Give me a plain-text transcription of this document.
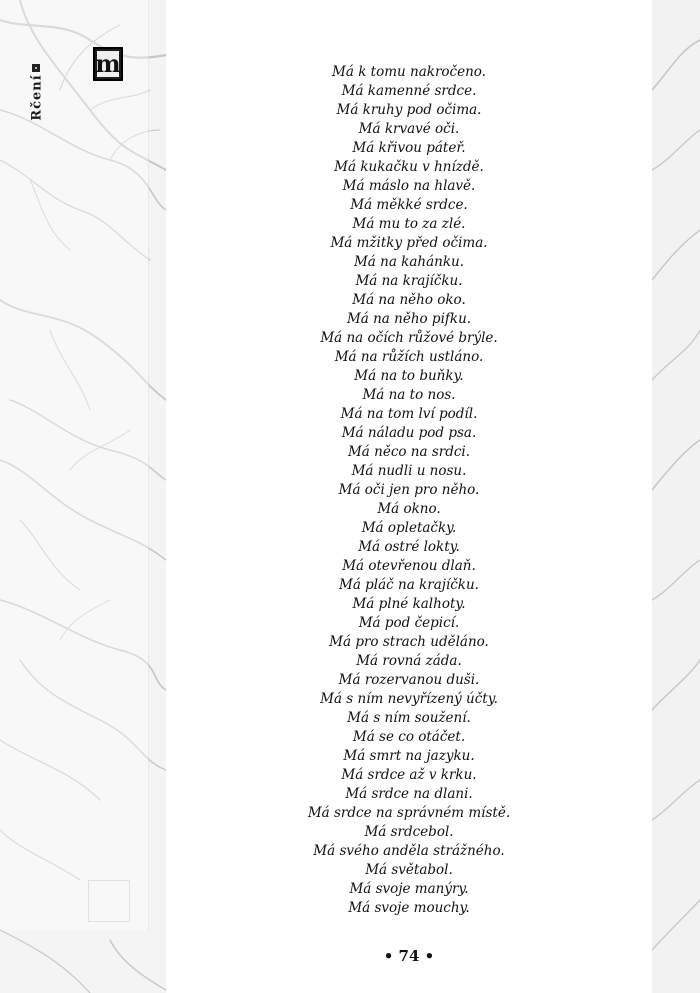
Rčení
m	Má k tomu nakročeno.
Má kamenné srdce.
Má kruhy pod očima.
Má krvavé oči.
Má křivou páteř.
Má kukačku v hnízdě.
Má máslo na hlavě.
Má měkké srdce.
Má mu to za zlé.
Má mžitky před očima.
Má na kahánku.
Má na krajíčku.
Má na něho oko.
Má na něho pifku.
Má na očích růžové brýle.
Má na růžích ustláno.
Má na to buňky.
Má na to nos.
Má na tom lví podíl.
Má náladu pod psa.
Má něco na srdci.
Má nudli u nosu.
Má oči jen pro něho.
Má okno.
Má opletačky.
Má ostré lokty.
Má otevřenou dlaň.
Má pláč na krajíčku.
Má plné kalhoty.
Má pod čepicí.
Má pro strach uděláno.
Má rovná záda.
Má rozervanou duši.
Má s ním nevyřízený účty.
Má s ním soužení.
Má se co otáčet.
Má smrt na jazyku.
Má srdce až v krku.
Má srdce na dlani.
Má srdce na správném místě.
Má srdcebol.
Má svého anděla strážného.
Má světabol.
Má svoje manýry.
Má svoje mouchy.
• 74 •
